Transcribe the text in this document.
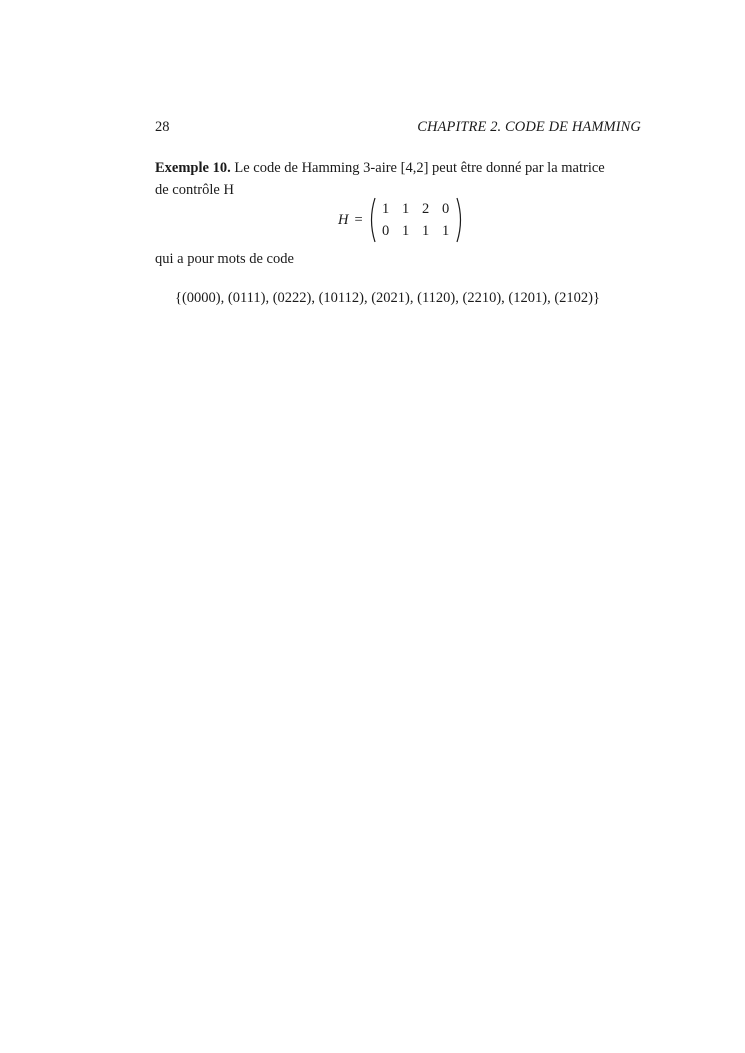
28	CHAPITRE 2. CODE DE HAMMING
Exemple 10. Le code de Hamming 3-aire [4,2] peut être donné par la matrice
de contrôle H
H =
1 1 2 0
0 1 1 1
qui a pour mots de code
{(0000), (0111), (0222), (10112), (2021), (1120), (2210), (1201), (2102)}
